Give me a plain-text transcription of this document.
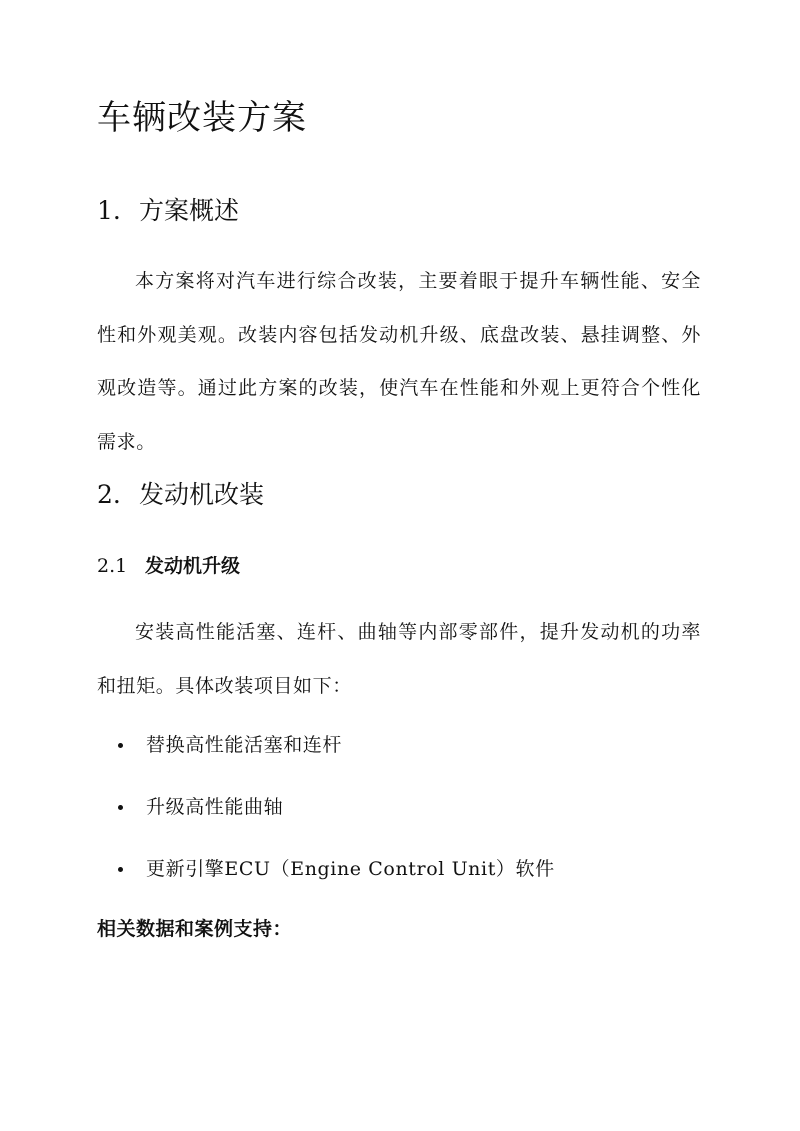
车辆改装方案
1. 方案概述

本方案将对汽车进行综合改装，主要着眼于提升车辆性能、安全性和外观美观。改装内容包括发动机升级、底盘改装、悬挂调整、外观改造等。通过此方案的改装，使汽车在性能和外观上更符合个性化需求。

2. 发动机改装
2.1 发动机升级

安装高性能活塞、连杆、曲轴等内部零部件，提升发动机的功率和扭矩。具体改装项目如下：

替换高性能活塞和连杆
升级高性能曲轴
更新引擎ECU（Engine Control Unit）软件

相关数据和案例支持：
